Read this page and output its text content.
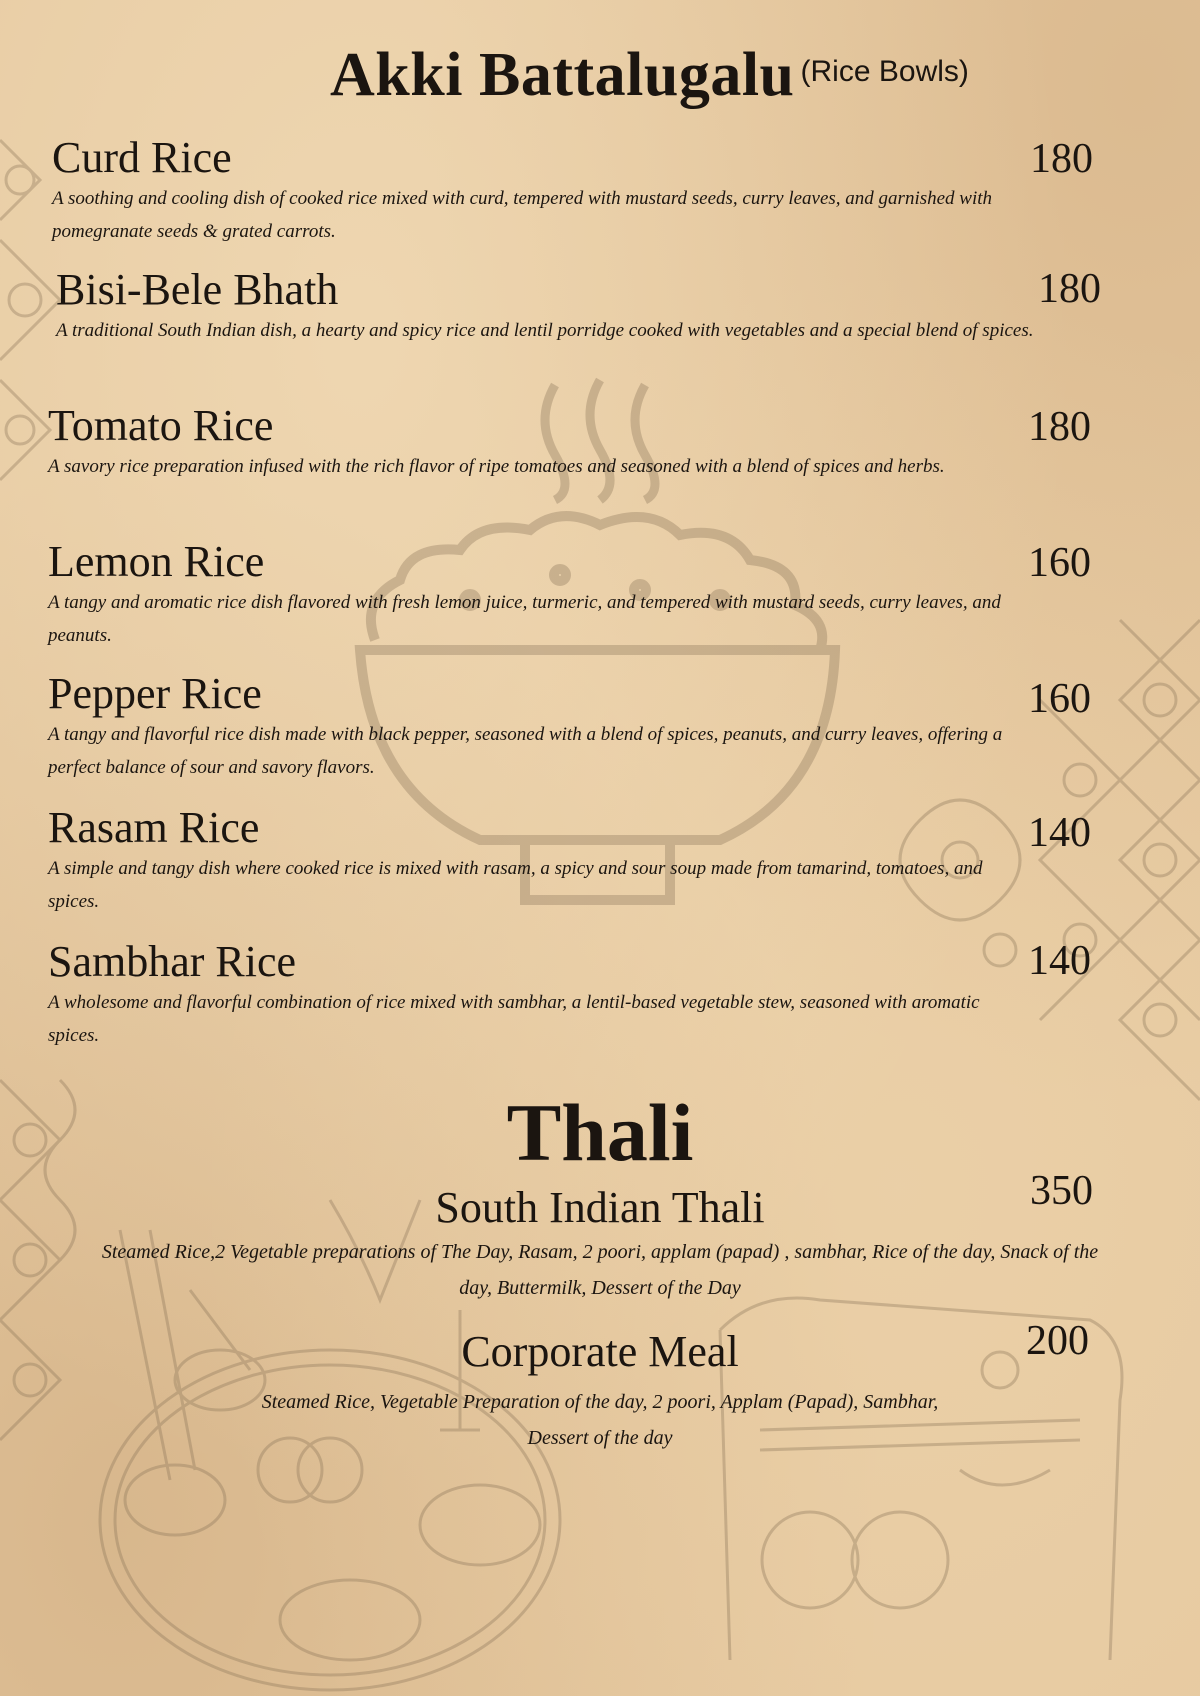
Akki Battalugalu (Rice Bowls)
Curd Rice
A soothing and cooling dish of cooked rice mixed with curd, tempered with mustard seeds, curry leaves, and garnished with pomegranate seeds & grated carrots.
180
Bisi-Bele Bhath
A traditional South Indian dish, a hearty and spicy rice and lentil porridge cooked with vegetables and a special blend of spices.
180
Tomato Rice
A savory rice preparation infused with the rich flavor of ripe tomatoes and seasoned with a blend of spices and herbs.
180
Lemon Rice
A tangy and aromatic rice dish flavored with fresh lemon juice, turmeric, and tempered with mustard seeds, curry leaves, and peanuts.
160
Pepper Rice
A tangy and flavorful rice dish made with black pepper, seasoned with a blend of spices, peanuts, and curry leaves, offering a perfect balance of sour and savory flavors.
160
Rasam Rice
A simple and tangy dish where cooked rice is mixed with rasam, a spicy and sour soup made from tamarind, tomatoes, and spices.
140
Sambhar Rice
A wholesome and flavorful combination of rice mixed with sambhar, a lentil-based vegetable stew, seasoned with aromatic spices.
140
Thali
South Indian Thali	350
Steamed Rice,2 Vegetable preparations of The Day, Rasam, 2 poori, applam (papad) , sambhar, Rice of the day, Snack of the day, Buttermilk, Dessert of the Day
Corporate Meal	200
Steamed Rice, Vegetable Preparation of the day, 2 poori, Applam (Papad), Sambhar, Dessert of the day
